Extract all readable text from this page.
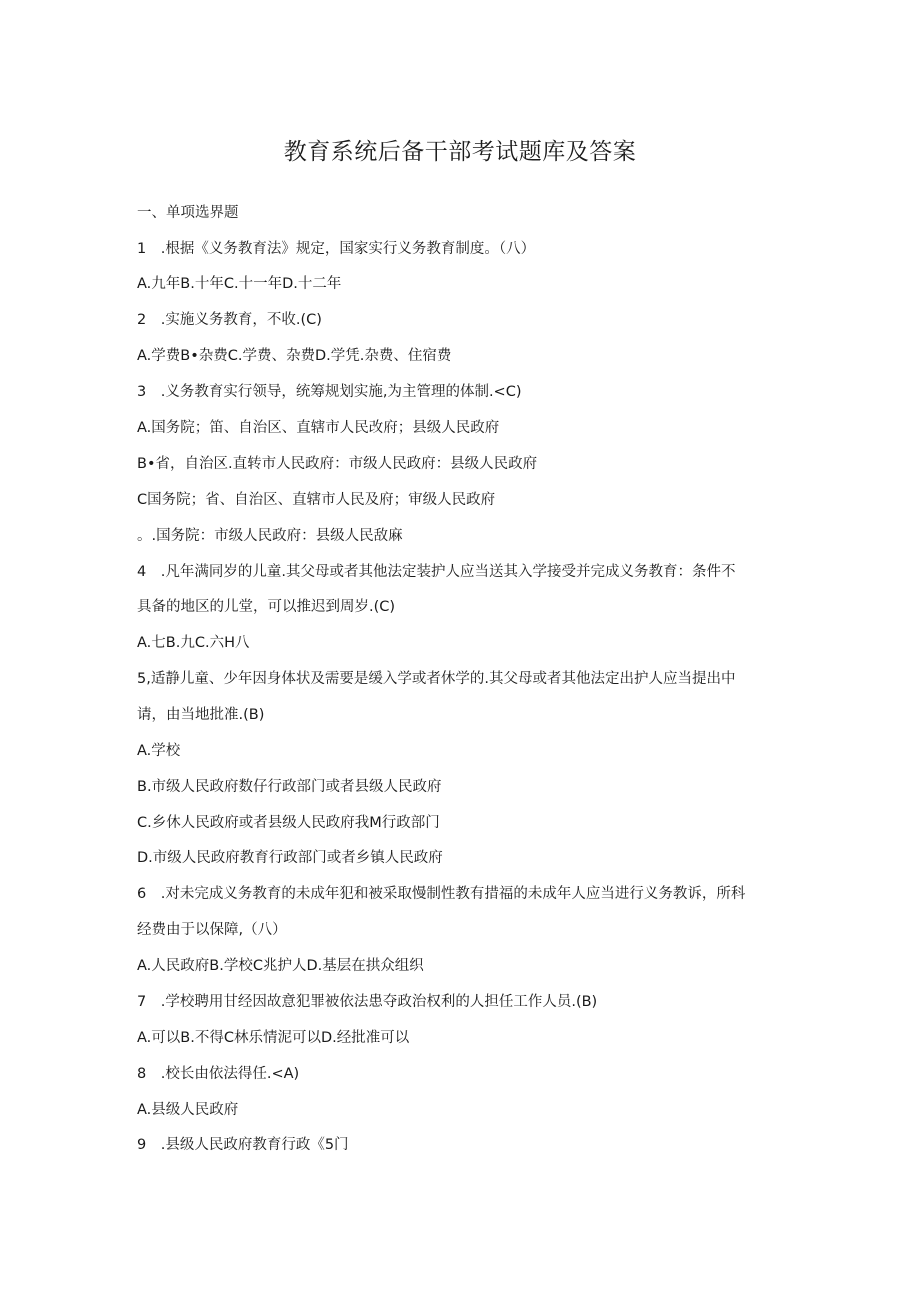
教育系统后备干部考试题库及答案
一、单项选界题
1 .根据《义务教育法》规定，国家实行义务教育制度。（八）
A.九年B.十年C.十一年D.十二年
2 .实施义务教育，不收.(C)
A.学费B•杂费C.学费、杂费D.学凭.杂费、住宿费
3 .义务教育实行领导，统筹规划实施,为主管理的体制.<C)
A.国务院；笛、自治区、直辖市人民改府；县级人民政府
B•省，自治区.直转市人民政府：市级人民政府：县级人民政府
C国务院；省、自治区、直辖市人民及府；审级人民政府
。.国务院：市级人民政府：县级人民敌麻
4 .凡年满同岁的儿童.其父母或者其他法定装护人应当送其入学接受并完成义务教育：条件不
具备的地区的儿堂，可以推迟到周岁.(C)
A.七B.九C.六H八
5,适静儿童、少年因身体状及需要是缓入学或者休学的.其父母或者其他法定出护人应当提出中
请，由当地批准.(B)
A.学校
B.市级人民政府数仔行政部门或者县级人民政府
C.乡休人民政府或者县级人民政府我M行政部门
D.市级人民政府教育行政部门或者乡镇人民政府
6 .对未完成义务教育的未成年犯和被采取慢制性教有措福的未成年人应当进行义务教诉，所科
经费由于以保障,（八）
A.人民政府B.学校C兆护人D.基层在拱众组织
7 .学校聘用甘经因故意犯罪被依法患夺政治权利的人担任工作人员.(B)
A.可以B.不得C林乐情泥可以D.经批准可以
8 .校长由依法得任.<A)
A.县级人民政府
9 .县级人民政府教育行政《5门
